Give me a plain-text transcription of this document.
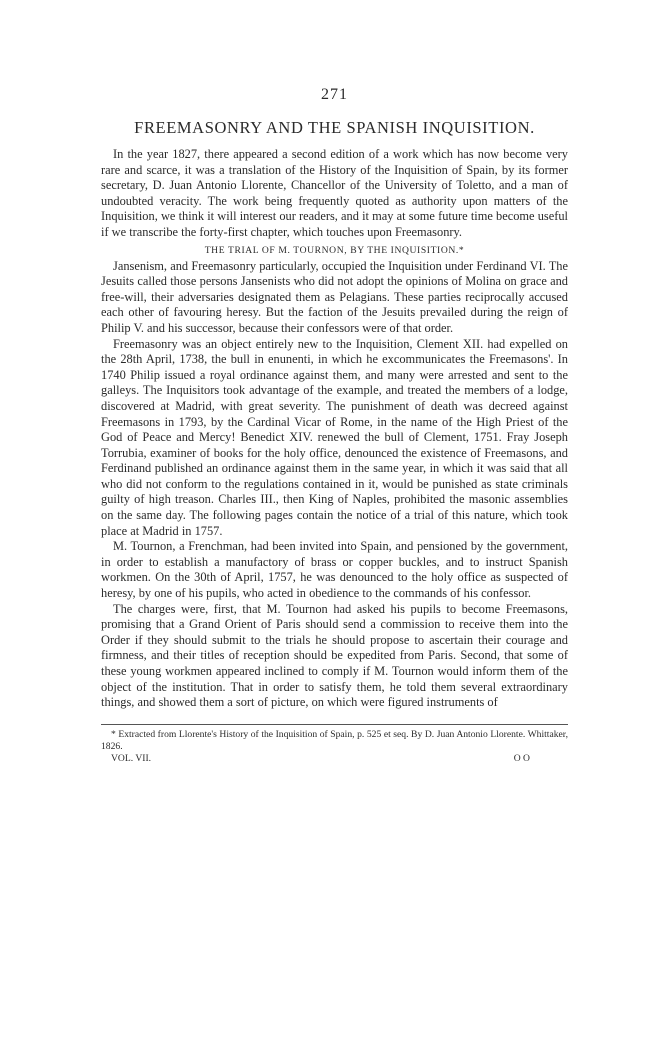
271
FREEMASONRY AND THE SPANISH INQUISITION.

In the year 1827, there appeared a second edition of a work which has now become very rare and scarce, it was a translation of the History of the Inquisition of Spain, by its former secretary, D. Juan Antonio Llorente, Chancellor of the University of Toletto, and a man of undoubted veracity. The work being frequently quoted as authority upon matters of the Inquisition, we think it will interest our readers, and it may at some future time become useful if we transcribe the forty-first chapter, which touches upon Freemasonry.

THE TRIAL OF M. TOURNON, BY THE INQUISITION.*

Jansenism, and Freemasonry particularly, occupied the Inquisition under Ferdinand VI. The Jesuits called those persons Jansenists who did not adopt the opinions of Molina on grace and free-will, their adversaries designated them as Pelagians. These parties reciprocally accused each other of favouring heresy. But the faction of the Jesuits prevailed during the reign of Philip V. and his successor, because their confessors were of that order.

Freemasonry was an object entirely new to the Inquisition, Clement XII. had expelled on the 28th April, 1738, the bull in enunenti, in which he excommunicates the Freemasons'. In 1740 Philip issued a royal ordinance against them, and many were arrested and sent to the galleys. The Inquisitors took advantage of the example, and treated the members of a lodge, discovered at Madrid, with great severity. The punishment of death was decreed against Freemasons in 1793, by the Cardinal Vicar of Rome, in the name of the High Priest of the God of Peace and Mercy! Benedict XIV. renewed the bull of Clement, 1751. Fray Joseph Torrubia, examiner of books for the holy office, denounced the existence of Freemasons, and Ferdinand published an ordinance against them in the same year, in which it was said that all who did not conform to the regulations contained in it, would be punished as state criminals guilty of high treason. Charles III., then King of Naples, prohibited the masonic assemblies on the same day. The following pages contain the notice of a trial of this nature, which took place at Madrid in 1757.

M. Tournon, a Frenchman, had been invited into Spain, and pensioned by the government, in order to establish a manufactory of brass or copper buckles, and to instruct Spanish workmen. On the 30th of April, 1757, he was denounced to the holy office as suspected of heresy, by one of his pupils, who acted in obedience to the commands of his confessor.

The charges were, first, that M. Tournon had asked his pupils to become Freemasons, promising that a Grand Orient of Paris should send a commission to receive them into the Order if they should submit to the trials he should propose to ascertain their courage and firmness, and their titles of reception should be expedited from Paris. Second, that some of these young workmen appeared inclined to comply if M. Tournon would inform them of the object of the institution. That in order to satisfy them, he told them several extraordinary things, and showed them a sort of picture, on which were figured instruments of

* Extracted from Llorente's History of the Inquisition of Spain, p. 525 et seq. By D. Juan Antonio Llorente. Whittaker, 1826.

VOL. VII.	O O
